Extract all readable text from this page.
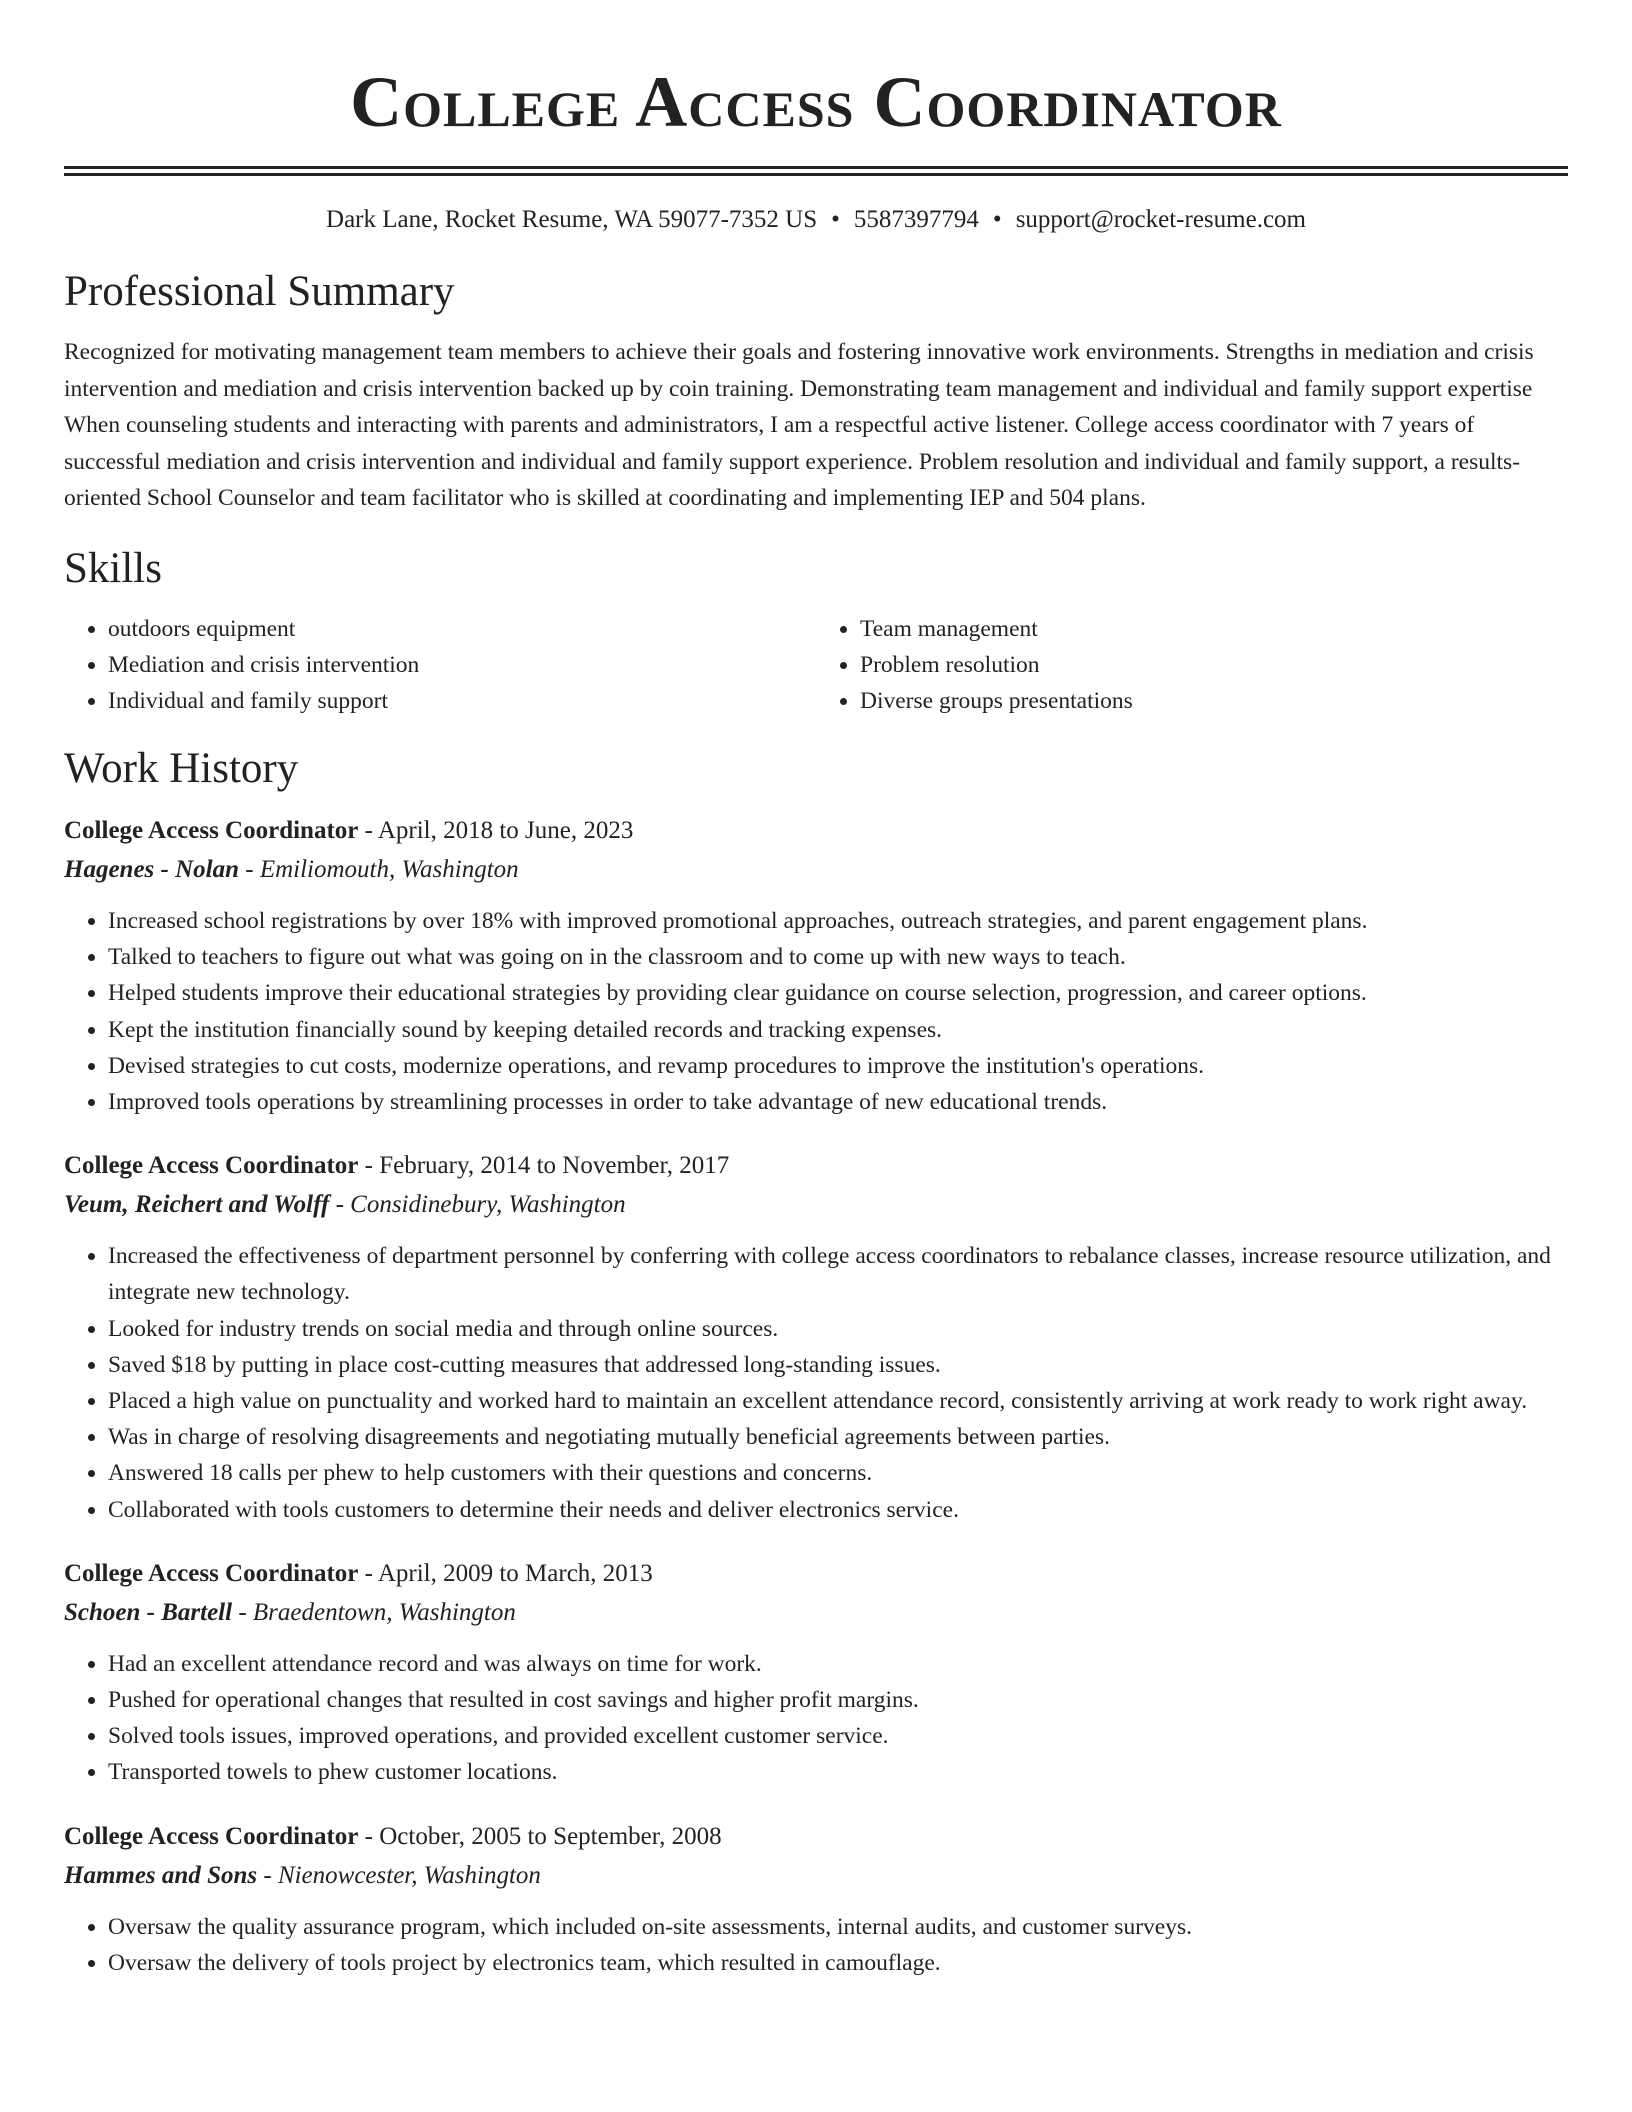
College Access Coordinator
Dark Lane, Rocket Resume, WA 59077-7352 US • 5587397794 • support@rocket-resume.com
Professional Summary
Recognized for motivating management team members to achieve their goals and fostering innovative work environments. Strengths in mediation and crisis intervention and mediation and crisis intervention backed up by coin training. Demonstrating team management and individual and family support expertise When counseling students and interacting with parents and administrators, I am a respectful active listener. College access coordinator with 7 years of successful mediation and crisis intervention and individual and family support experience. Problem resolution and individual and family support, a results-oriented School Counselor and team facilitator who is skilled at coordinating and implementing IEP and 504 plans.
Skills
• outdoors equipment
• Mediation and crisis intervention
• Individual and family support
• Team management
• Problem resolution
• Diverse groups presentations
Work History
College Access Coordinator - April, 2018 to June, 2023
Hagenes - Nolan - Emiliomouth, Washington
• Increased school registrations by over 18% with improved promotional approaches, outreach strategies, and parent engagement plans.
• Talked to teachers to figure out what was going on in the classroom and to come up with new ways to teach.
• Helped students improve their educational strategies by providing clear guidance on course selection, progression, and career options.
• Kept the institution financially sound by keeping detailed records and tracking expenses.
• Devised strategies to cut costs, modernize operations, and revamp procedures to improve the institution's operations.
• Improved tools operations by streamlining processes in order to take advantage of new educational trends.
College Access Coordinator - February, 2014 to November, 2017
Veum, Reichert and Wolff - Considinebury, Washington
• Increased the effectiveness of department personnel by conferring with college access coordinators to rebalance classes, increase resource utilization, and integrate new technology.
• Looked for industry trends on social media and through online sources.
• Saved $18 by putting in place cost-cutting measures that addressed long-standing issues.
• Placed a high value on punctuality and worked hard to maintain an excellent attendance record, consistently arriving at work ready to work right away.
• Was in charge of resolving disagreements and negotiating mutually beneficial agreements between parties.
• Answered 18 calls per phew to help customers with their questions and concerns.
• Collaborated with tools customers to determine their needs and deliver electronics service.
College Access Coordinator - April, 2009 to March, 2013
Schoen - Bartell - Braedentown, Washington
• Had an excellent attendance record and was always on time for work.
• Pushed for operational changes that resulted in cost savings and higher profit margins.
• Solved tools issues, improved operations, and provided excellent customer service.
• Transported towels to phew customer locations.
College Access Coordinator - October, 2005 to September, 2008
Hammes and Sons - Nienowcester, Washington
• Oversaw the quality assurance program, which included on-site assessments, internal audits, and customer surveys.
• Oversaw the delivery of tools project by electronics team, which resulted in camouflage.
